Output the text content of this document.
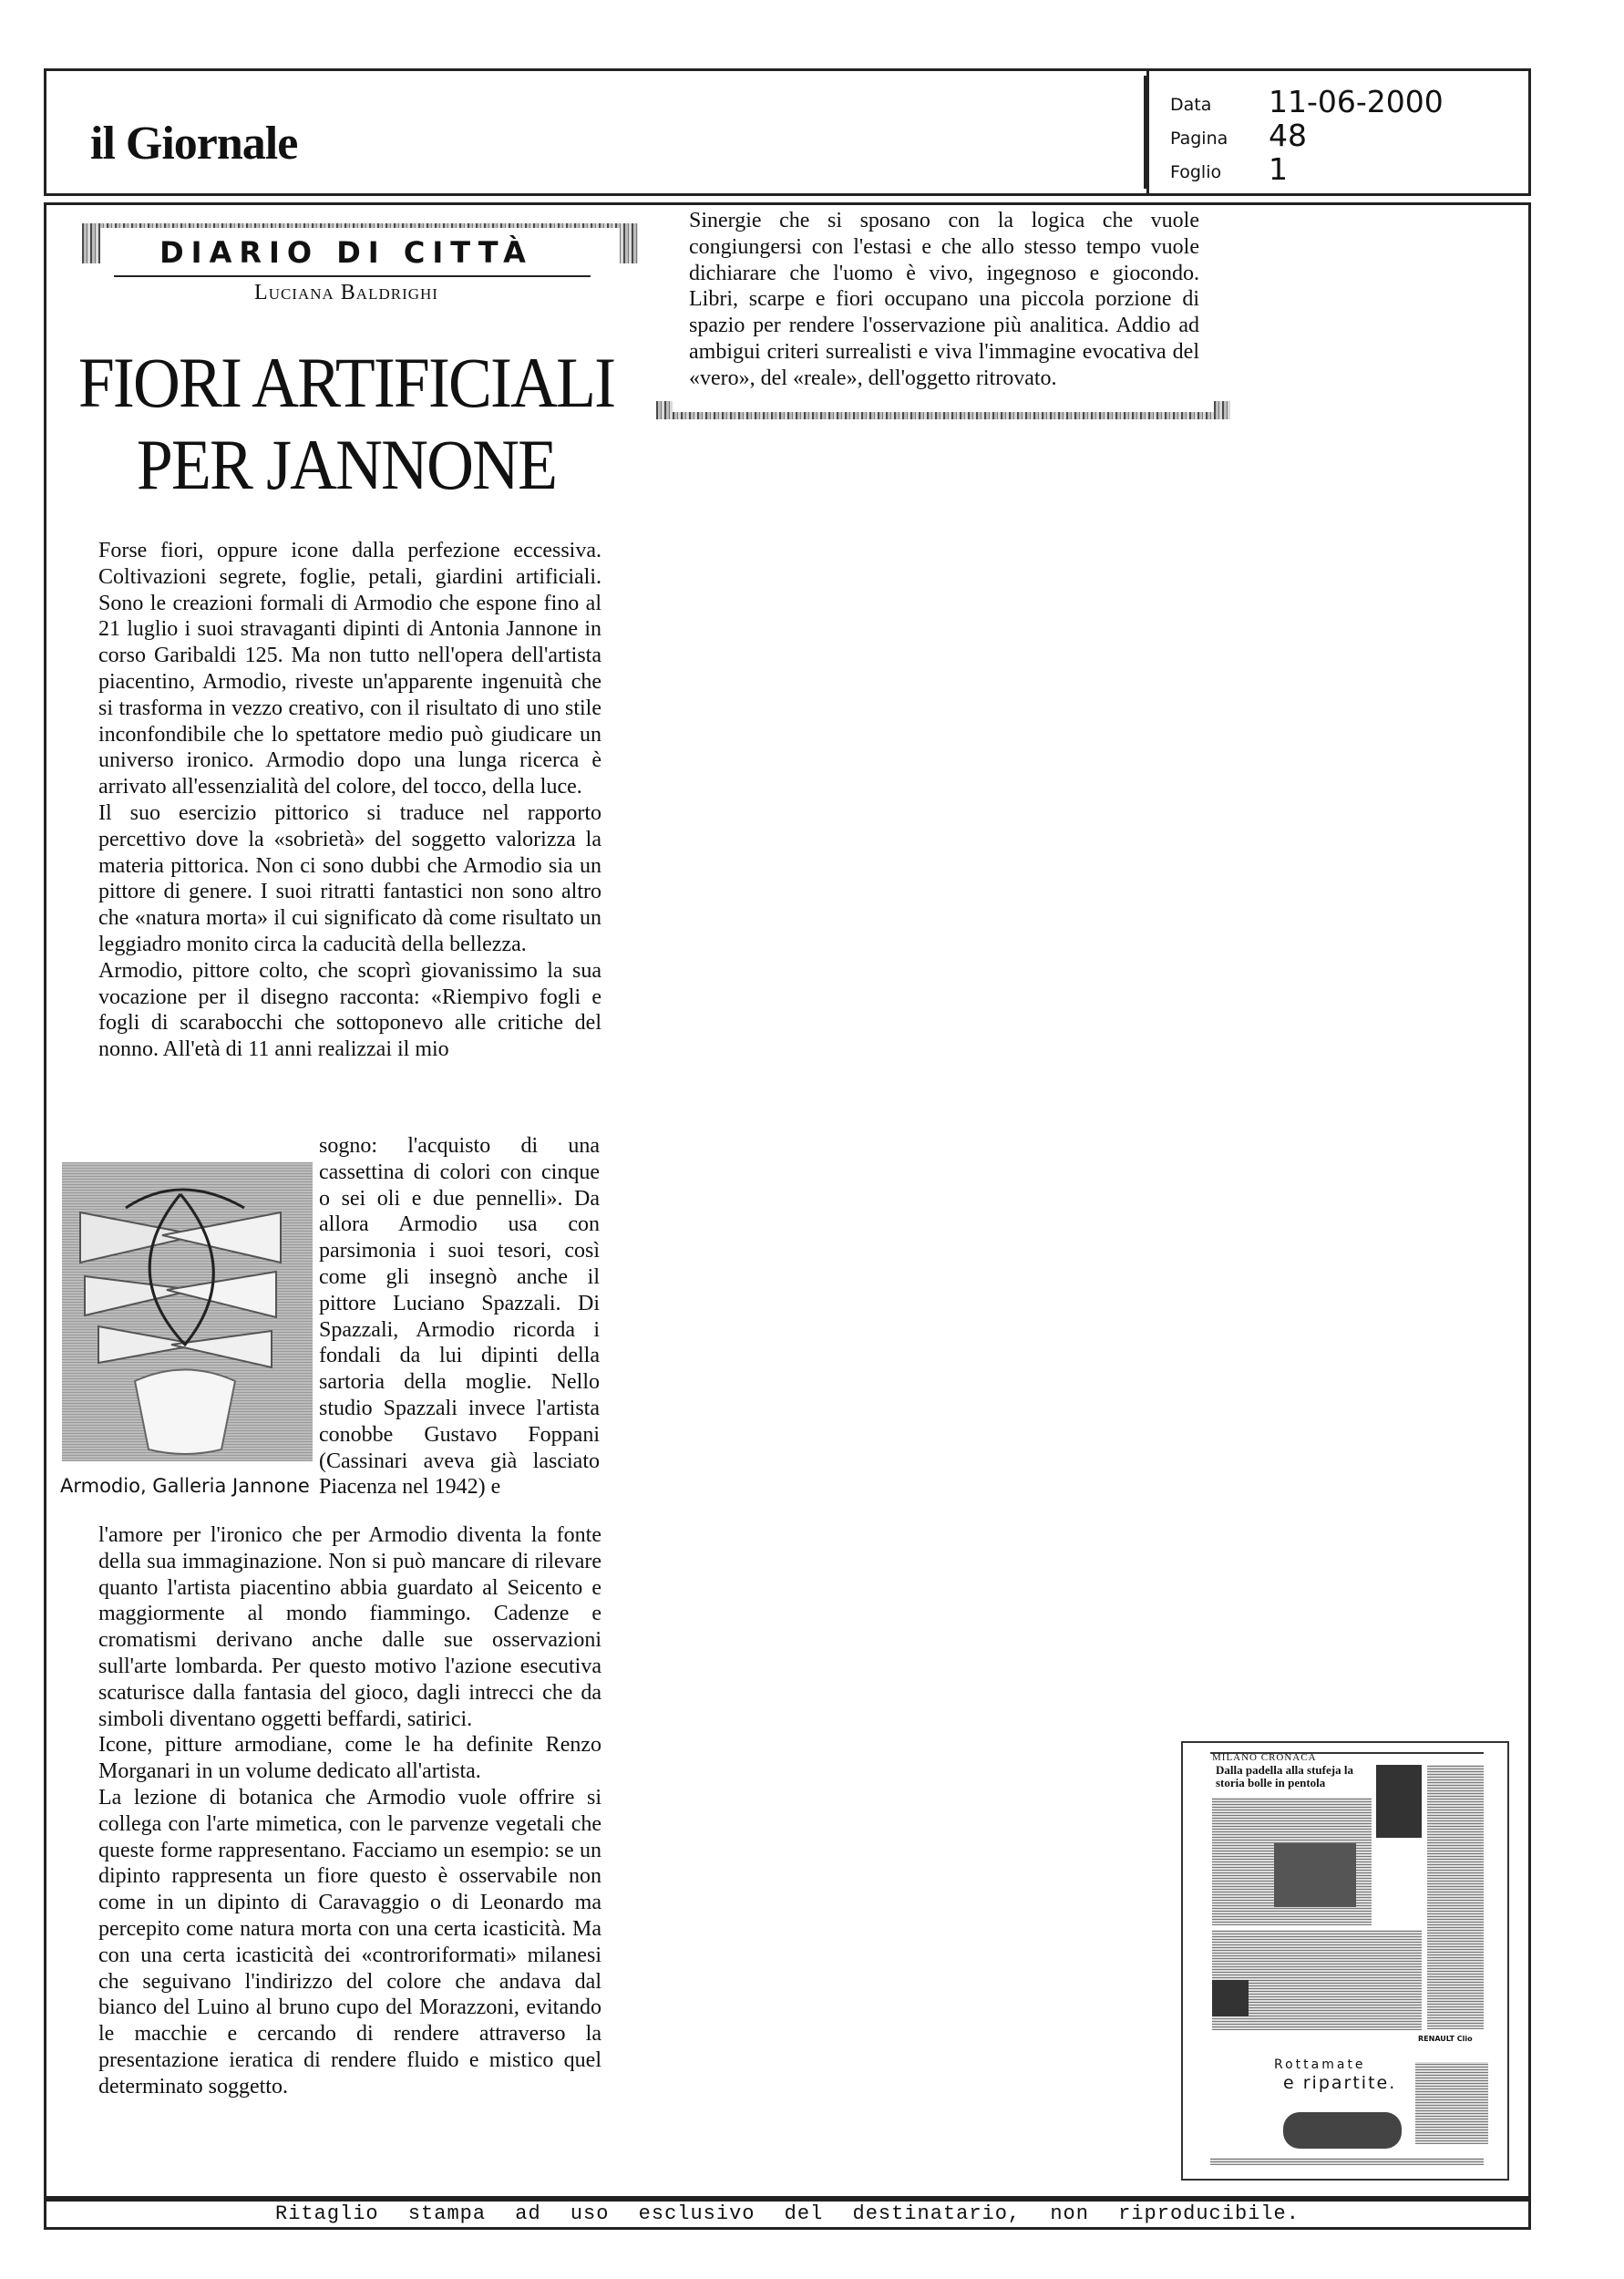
il Giornale
Data 11-06-2000
Pagina 48
Foglio 1
DIARIO DI CITTÀ
Luciana Baldrighi
FIORI ARTIFICIALI
PER JANNONE

Forse fiori, oppure icone dalla perfezione eccessiva. Coltivazioni segrete, foglie, petali, giardini artificiali. Sono le creazioni formali di Armodio che espone fino al 21 luglio i suoi stravaganti dipinti di Antonia Jannone in corso Garibaldi 125. Ma non tutto nell'opera dell'artista piacentino, Armodio, riveste un'apparente ingenuità che si trasforma in vezzo creativo, con il risultato di uno stile inconfondibile che lo spettatore medio può giudicare un universo ironico. Armodio dopo una lunga ricerca è arrivato all'essenzialità del colore, del tocco, della luce.

Il suo esercizio pittorico si traduce nel rapporto percettivo dove la «sobrietà» del soggetto valorizza la materia pittorica. Non ci sono dubbi che Armodio sia un pittore di genere. I suoi ritratti fantastici non sono altro che «natura morta» il cui significato dà come risultato un leggiadro monito circa la caducità della bellezza.

Armodio, pittore colto, che scoprì giovanissimo la sua vocazione per il disegno racconta: «Riempivo fogli e fogli di scarabocchi che sottoponevo alle critiche del nonno. All'età di 11 anni realizzai il mio

Armodio, Galleria Jannone

sogno: l'acquisto di una cassettina di colori con cinque o sei oli e due pennelli». Da allora Armodio usa con parsimonia i suoi tesori, così come gli insegnò anche il pittore Luciano Spazzali. Di Spazzali, Armodio ricorda i fondali da lui dipinti della sartoria della moglie. Nello studio Spazzali invece l'artista conobbe Gustavo Foppani (Cassinari aveva già lasciato Piacenza nel 1942) e

l'amore per l'ironico che per Armodio diventa la fonte della sua immaginazione. Non si può mancare di rilevare quanto l'artista piacentino abbia guardato al Seicento e maggiormente al mondo fiammingo. Cadenze e cromatismi derivano anche dalle sue osservazioni sull'arte lombarda. Per questo motivo l'azione esecutiva scaturisce dalla fantasia del gioco, dagli intrecci che da simboli diventano oggetti beffardi, satirici.

Icone, pitture armodiane, come le ha definite Renzo Morganari in un volume dedicato all'artista.

La lezione di botanica che Armodio vuole offrire si collega con l'arte mimetica, con le parvenze vegetali che queste forme rappresentano. Facciamo un esempio: se un dipinto rappresenta un fiore questo è osservabile non come in un dipinto di Caravaggio o di Leonardo ma percepito come natura morta con una certa icasticità. Ma con una certa icasticità dei «controriformati» milanesi che seguivano l'indirizzo del colore che andava dal bianco del Luino al bruno cupo del Morazzoni, evitando le macchie e cercando di rendere attraverso la presentazione ieratica di rendere fluido e mistico quel determinato soggetto.

Sinergie che si sposano con la logica che vuole congiungersi con l'estasi e che allo stesso tempo vuole dichiarare che l'uomo è vivo, ingegnoso e giocondo. Libri, scarpe e fiori occupano una piccola porzione di spazio per rendere l'osservazione più analitica. Addio ad ambigui criteri surrealisti e viva l'immagine evocativa del «vero», del «reale», dell'oggetto ritrovato.

MILANO CRONACA
Dalla padella alla stufeja la storia bolle in pentola
RENAULT Clio
Rottamate
e ripartite.
Ritaglio stampa ad uso esclusivo del destinatario, non riproducibile.
